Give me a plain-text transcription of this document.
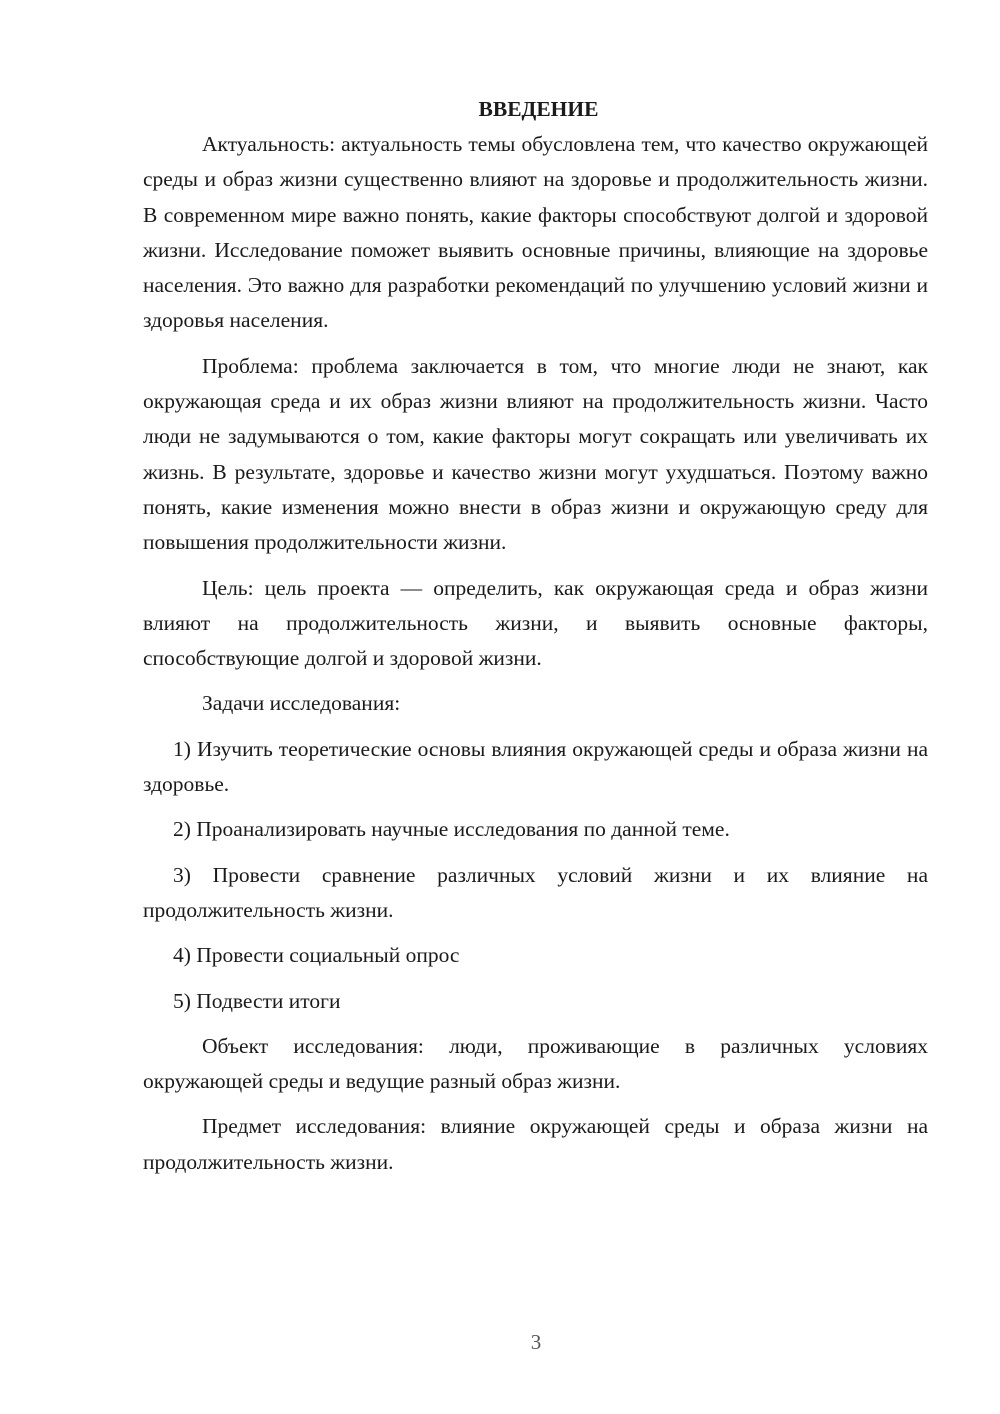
ВВЕДЕНИЕ

Актуальность: актуальность темы обусловлена тем, что качество окружающей среды и образ жизни существенно влияют на здоровье и продолжительность жизни. В современном мире важно понять, какие факторы способствуют долгой и здоровой жизни. Исследование поможет выявить основные причины, влияющие на здоровье населения. Это важно для разработки рекомендаций по улучшению условий жизни и здоровья населения.

Проблема: проблема заключается в том, что многие люди не знают, как окружающая среда и их образ жизни влияют на продолжительность жизни. Часто люди не задумываются о том, какие факторы могут сокращать или увеличивать их жизнь. В результате, здоровье и качество жизни могут ухудшаться. Поэтому важно понять, какие изменения можно внести в образ жизни и окружающую среду для повышения продолжительности жизни.

Цель: цель проекта — определить, как окружающая среда и образ жизни влияют на продолжительность жизни, и выявить основные факторы, способствующие долгой и здоровой жизни.

Задачи исследования:

1) Изучить теоретические основы влияния окружающей среды и образа жизни на здоровье.

2) Проанализировать научные исследования по данной теме.

3) Провести сравнение различных условий жизни и их влияние на продолжительность жизни.

4) Провести социальный опрос

5) Подвести итоги

Объект исследования: люди, проживающие в различных условиях окружающей среды и ведущие разный образ жизни.

Предмет исследования: влияние окружающей среды и образа жизни на продолжительность жизни.

3
